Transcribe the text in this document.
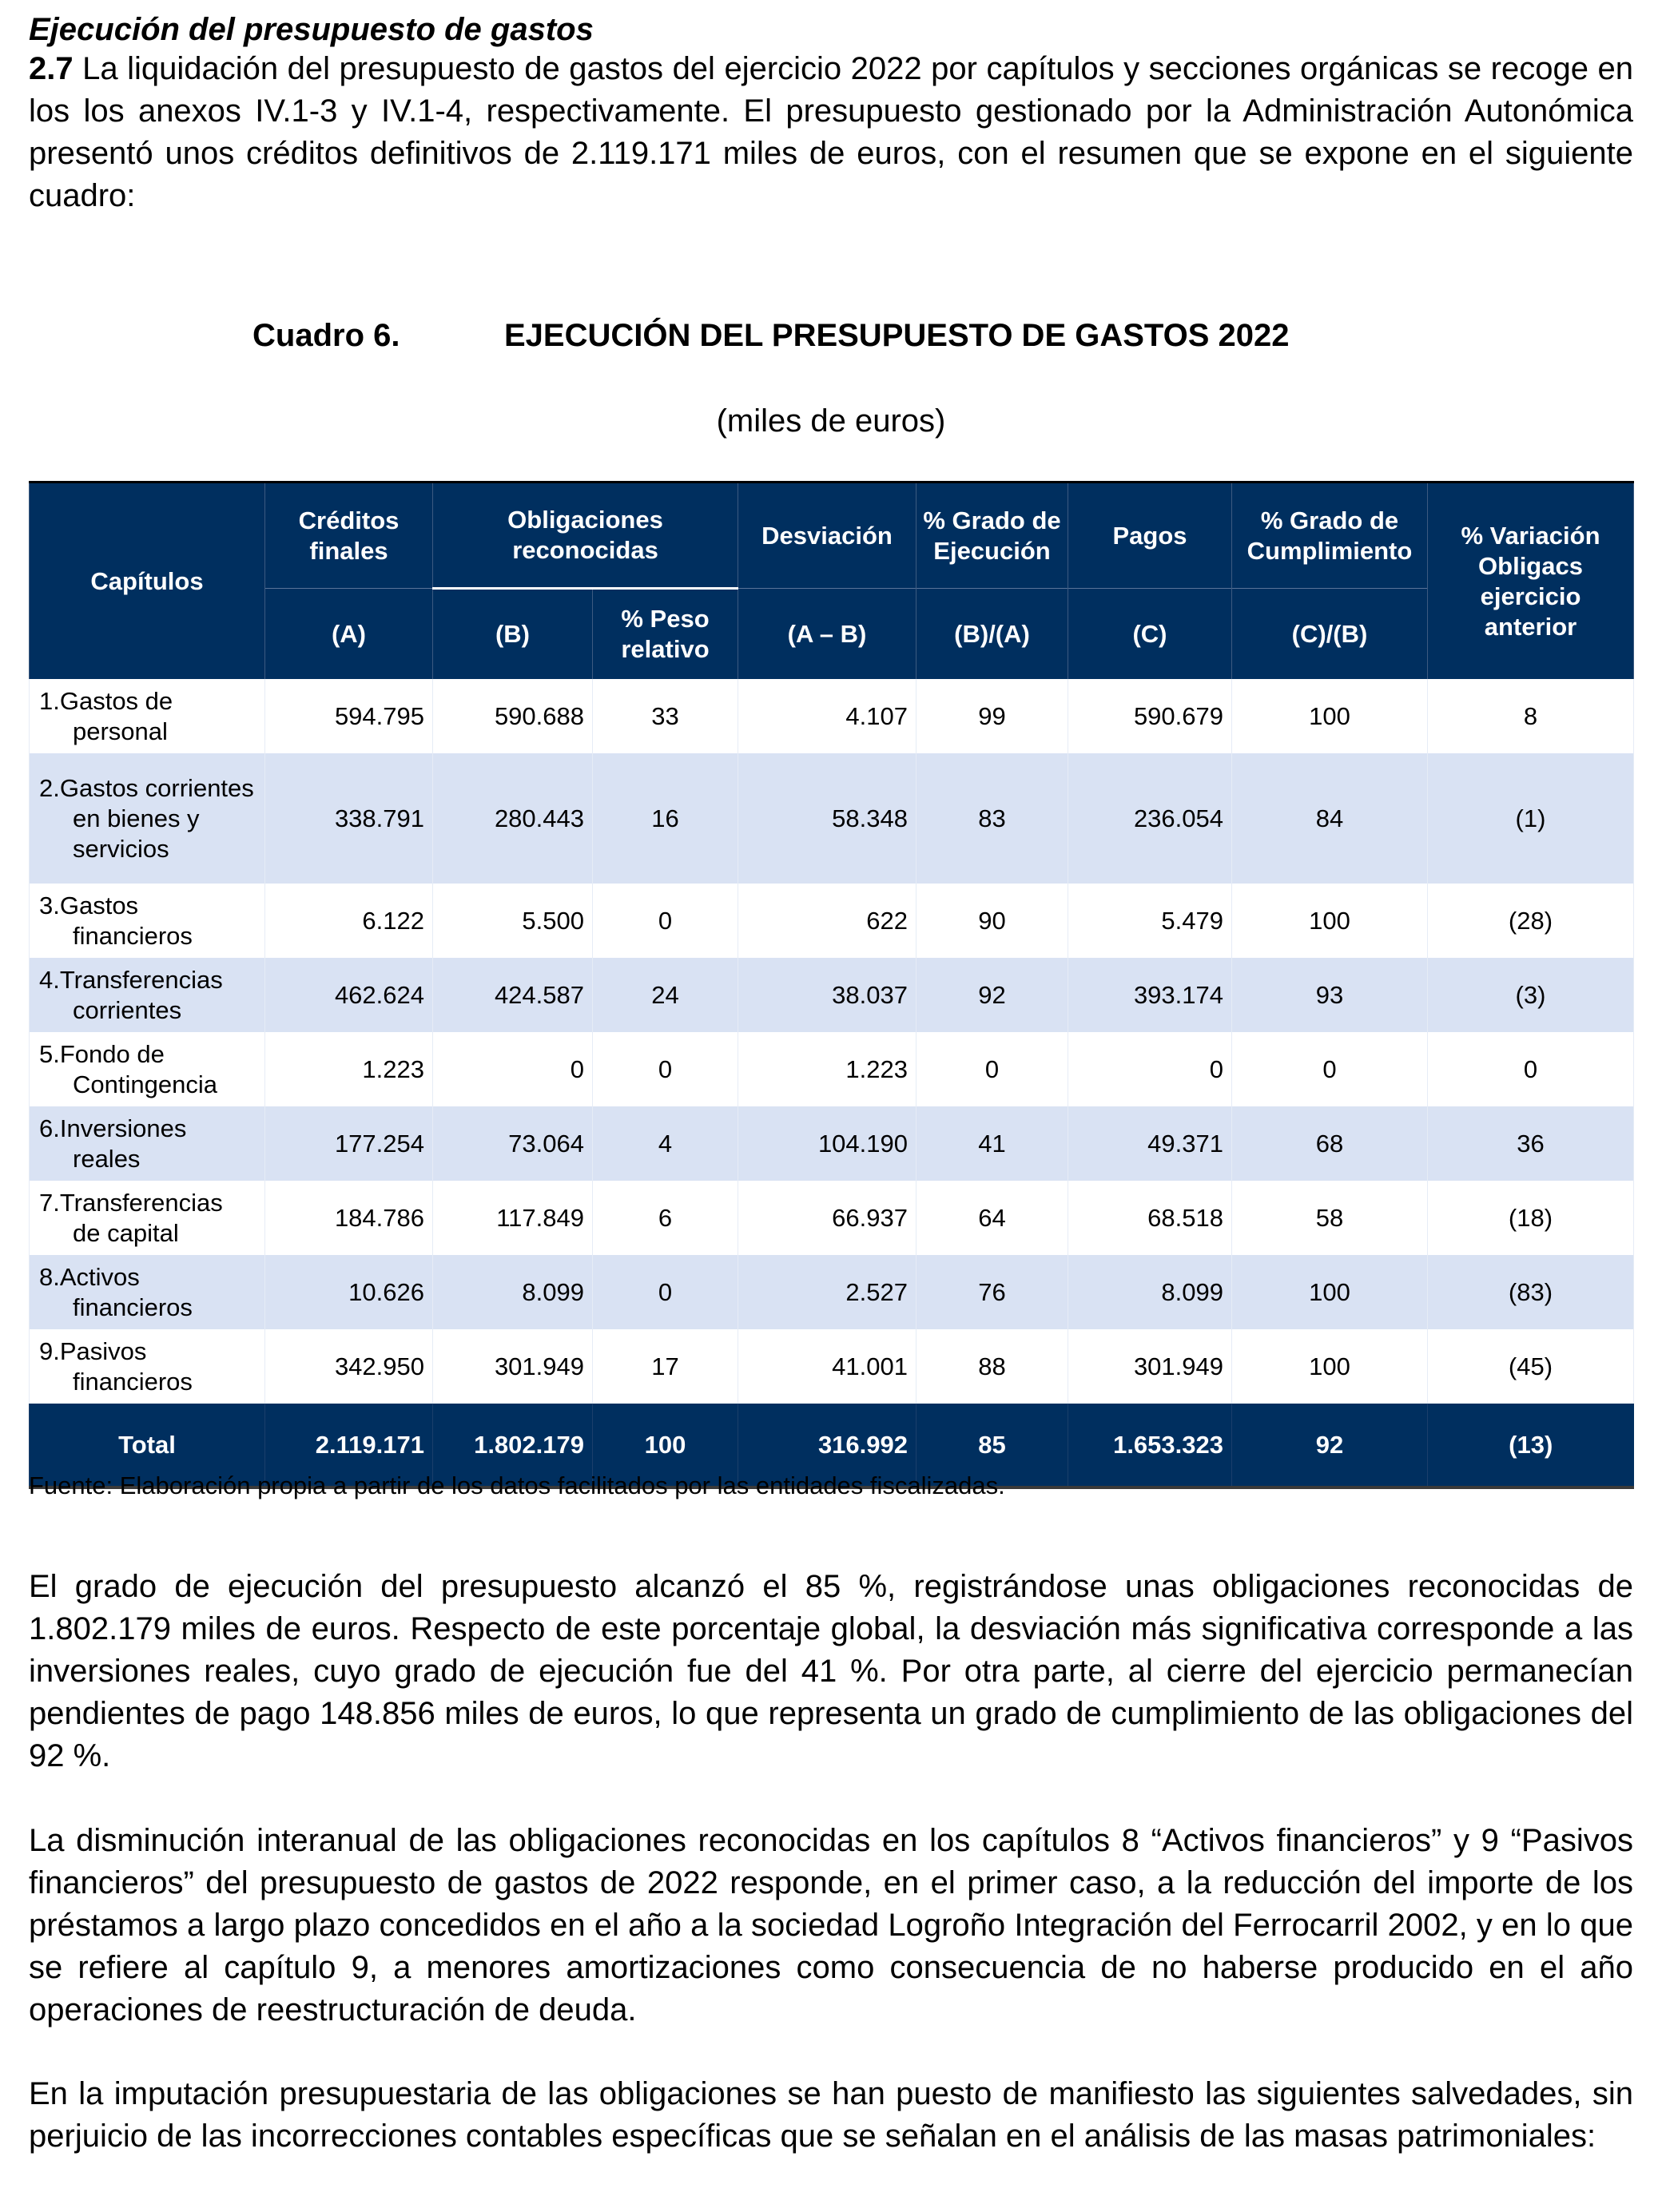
Ejecución del presupuesto de gastos

2.7 La liquidación del presupuesto de gastos del ejercicio 2022 por capítulos y secciones orgánicas se recoge en los los anexos IV.1-3 y IV.1-4, respectivamente. El presupuesto gestionado por la Administración Autonómica presentó unos créditos definitivos de 2.119.171 miles de euros, con el resumen que se expone en el siguiente cuadro:

Cuadro 6.	EJECUCIÓN DEL PRESUPUESTO DE GASTOS 2022
(miles de euros)
Capítulos	Créditos finales	Obligaciones reconocidas		Desviación	% Grado de Ejecución	Pagos	% Grado de Cumplimiento	% Variación Obligacs ejercicio anterior
	(A)	(B)	% Peso relativo	(A – B)	(B)/(A)	(C)	(C)/(B)	

1.Gastos de personal	594.795	590.688	33	4.107	99	590.679	100	8

2.Gastos corrientes en bienes y servicios	338.791	280.443	16	58.348	83	236.054	84	(1)

3.Gastos financieros	6.122	5.500	0	622	90	5.479	100	(28)

4.Transferencias corrientes	462.624	424.587	24	38.037	92	393.174	93	(3)

5.Fondo de Contingencia	1.223	0	0	1.223	0	0	0	0

6.Inversiones reales	177.254	73.064	4	104.190	41	49.371	68	36

7.Transferencias de capital	184.786	117.849	6	66.937	64	68.518	58	(18)

8.Activos financieros	10.626	8.099	0	2.527	76	8.099	100	(83)

9.Pasivos financieros	342.950	301.949	17	41.001	88	301.949	100	(45)
Total	2.119.171	1.802.179	100	316.992	85	1.653.323	92	(13)
Fuente: Elaboración propia a partir de los datos facilitados por las entidades fiscalizadas.

El grado de ejecución del presupuesto alcanzó el 85 %, registrándose unas obligaciones reconocidas de 1.802.179 miles de euros. Respecto de este porcentaje global, la desviación más significativa corresponde a las inversiones reales, cuyo grado de ejecución fue del 41 %. Por otra parte, al cierre del ejercicio permanecían pendientes de pago 148.856 miles de euros, lo que representa un grado de cumplimiento de las obligaciones del 92 %.

La disminución interanual de las obligaciones reconocidas en los capítulos 8 “Activos financieros” y 9 “Pasivos financieros” del presupuesto de gastos de 2022 responde, en el primer caso, a la reducción del importe de los préstamos a largo plazo concedidos en el año a la sociedad Logroño Integración del Ferrocarril 2002, y en lo que se refiere al capítulo 9, a menores amortizaciones como consecuencia de no haberse producido en el año operaciones de reestructuración de deuda.

En la imputación presupuestaria de las obligaciones se han puesto de manifiesto las siguientes salvedades, sin perjuicio de las incorrecciones contables específicas que se señalan en el análisis de las masas patrimoniales:
